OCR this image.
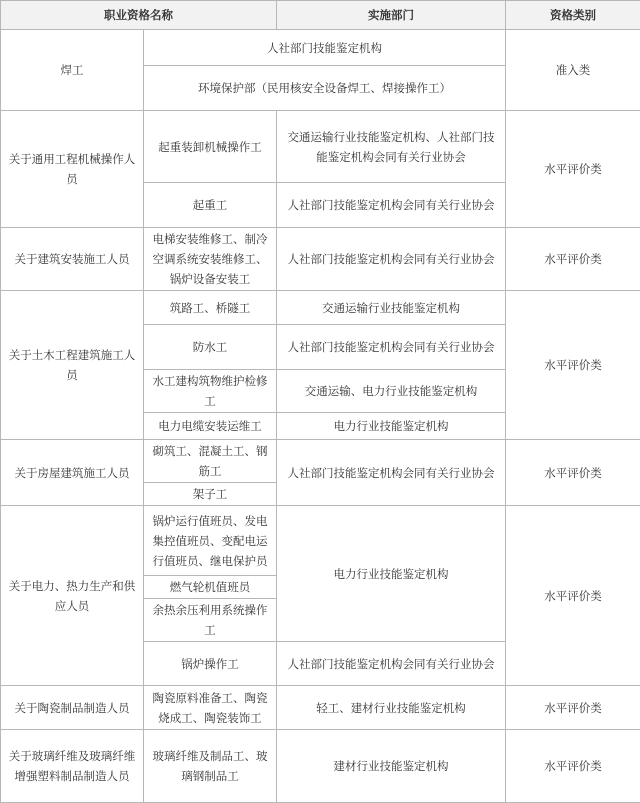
职业资格名称		实施部门	资格类别
焊工	人社部门技能鉴定机构		准入类
	环境保护部（民用核安全设备焊工、焊接操作工）		
关于通用工程机械操作人员	起重装卸机械操作工	交通运输行业技能鉴定机构、人社部门技能鉴定机构会同有关行业协会	水平评价类
	起重工	人社部门技能鉴定机构会同有关行业协会	
关于建筑安装施工人员	电梯安装维修工、制冷空调系统安装维修工、锅炉设备安装工	人社部门技能鉴定机构会同有关行业协会	水平评价类
关于土木工程建筑施工人员	筑路工、桥隧工	交通运输行业技能鉴定机构	水平评价类
	防水工	人社部门技能鉴定机构会同有关行业协会	
	水工建构筑物维护检修工	交通运输、电力行业技能鉴定机构	
	电力电缆安装运维工	电力行业技能鉴定机构	
关于房屋建筑施工人员	砌筑工、混凝土工、钢筋工	人社部门技能鉴定机构会同有关行业协会	水平评价类
	架子工		
关于电力、热力生产和供应人员	锅炉运行值班员、发电集控值班员、变配电运行值班员、继电保护员	电力行业技能鉴定机构	水平评价类
	燃气轮机值班员		
	余热余压利用系统操作工		
	锅炉操作工	人社部门技能鉴定机构会同有关行业协会	
关于陶瓷制品制造人员	陶瓷原料准备工、陶瓷烧成工、陶瓷装饰工	轻工、建材行业技能鉴定机构	水平评价类
关于玻璃纤维及玻璃纤维增强塑料制品制造人员	玻璃纤维及制品工、玻璃钢制品工	建材行业技能鉴定机构	水平评价类
